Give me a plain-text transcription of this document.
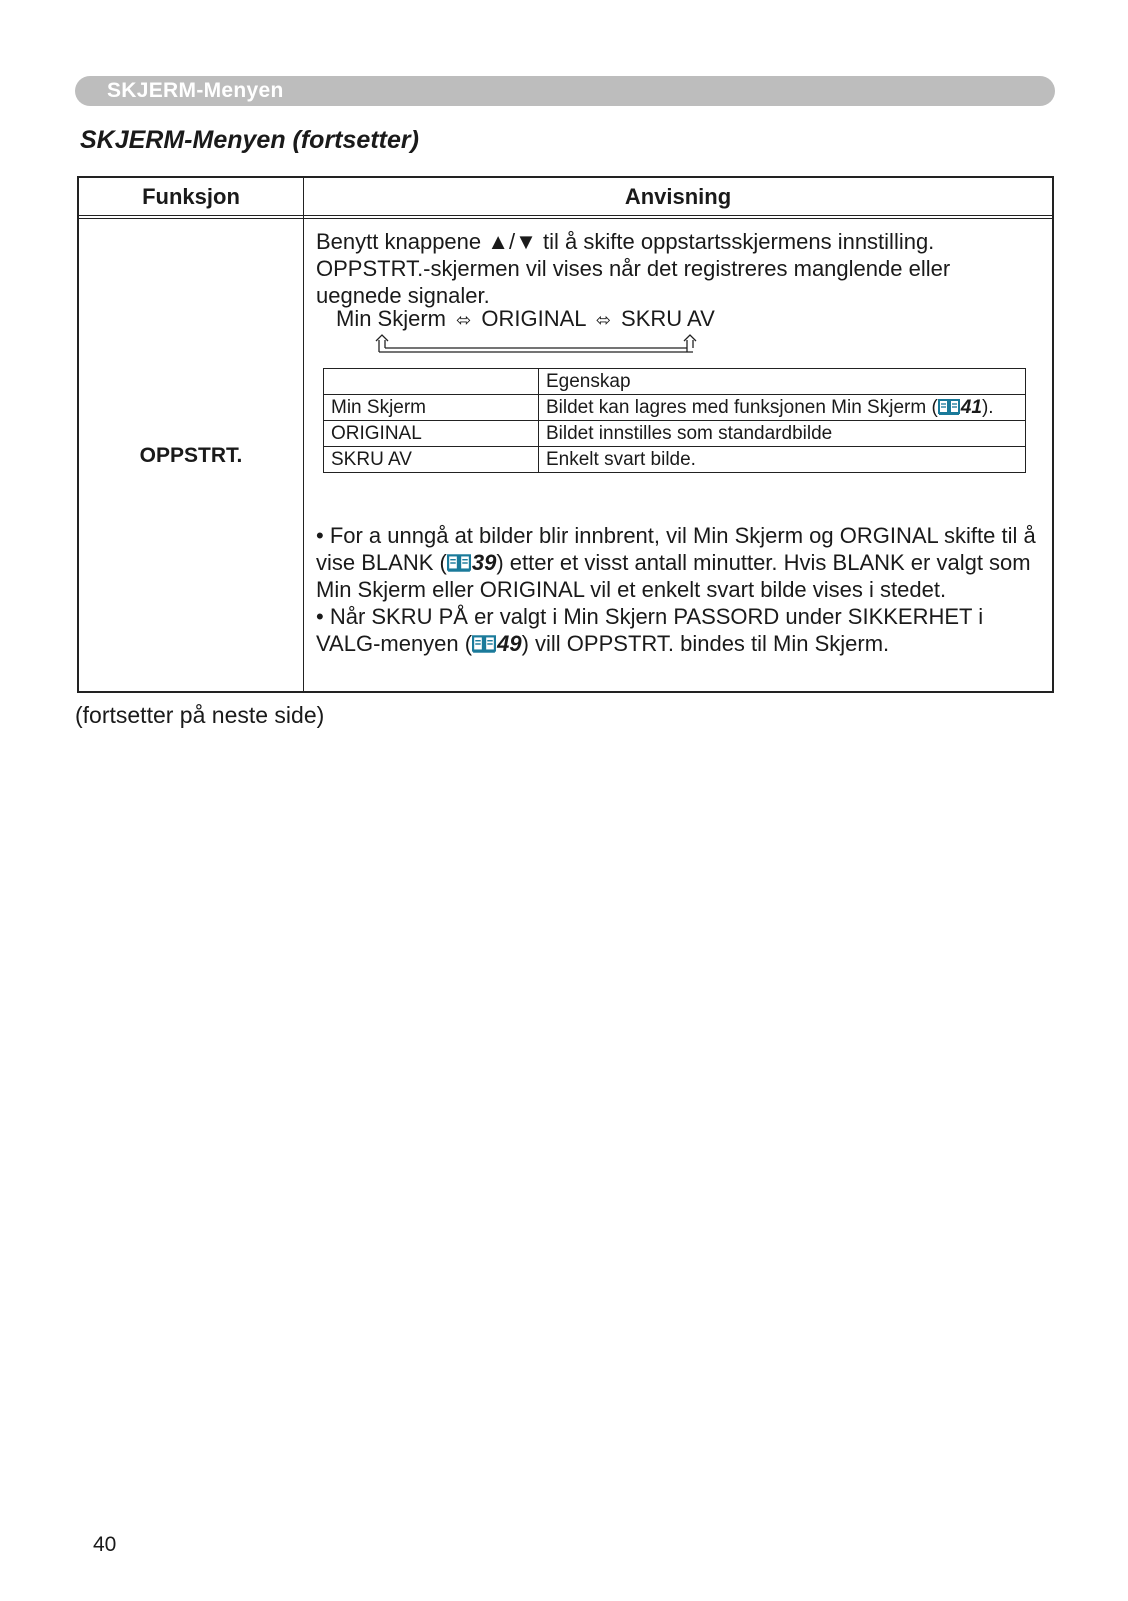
SKJERM-Menyen
SKJERM-Menyen (fortsetter)
Funksjon	Anvisning
OPPSTRT.

Benytt knappene ▲/▼ til å skifte oppstartsskjermens innstilling. OPPSTRT.-skjermen vil vises når det registreres manglende eller uegnede signaler.

Min Skjerm ⬄ ORIGINAL ⬄ SKRU AV
	Egenskap
Min Skjerm	Bildet kan lagres med funksjonen Min Skjerm ( 41).
ORIGINAL	Bildet innstilles som standardbilde
SKRU AV	Enkelt svart bilde.

• For a unngå at bilder blir innbrent, vil Min Skjerm og ORGINAL skifte til å vise BLANK ( 39) etter et visst antall minutter. Hvis BLANK er valgt som Min Skjerm eller ORIGINAL vil et enkelt svart bilde vises i stedet.

• Når SKRU PÅ er valgt i Min Skjern PASSORD under SIKKERHET i VALG-menyen ( 49) vill OPPSTRT. bindes til Min Skjerm.

(fortsetter på neste side)
40
